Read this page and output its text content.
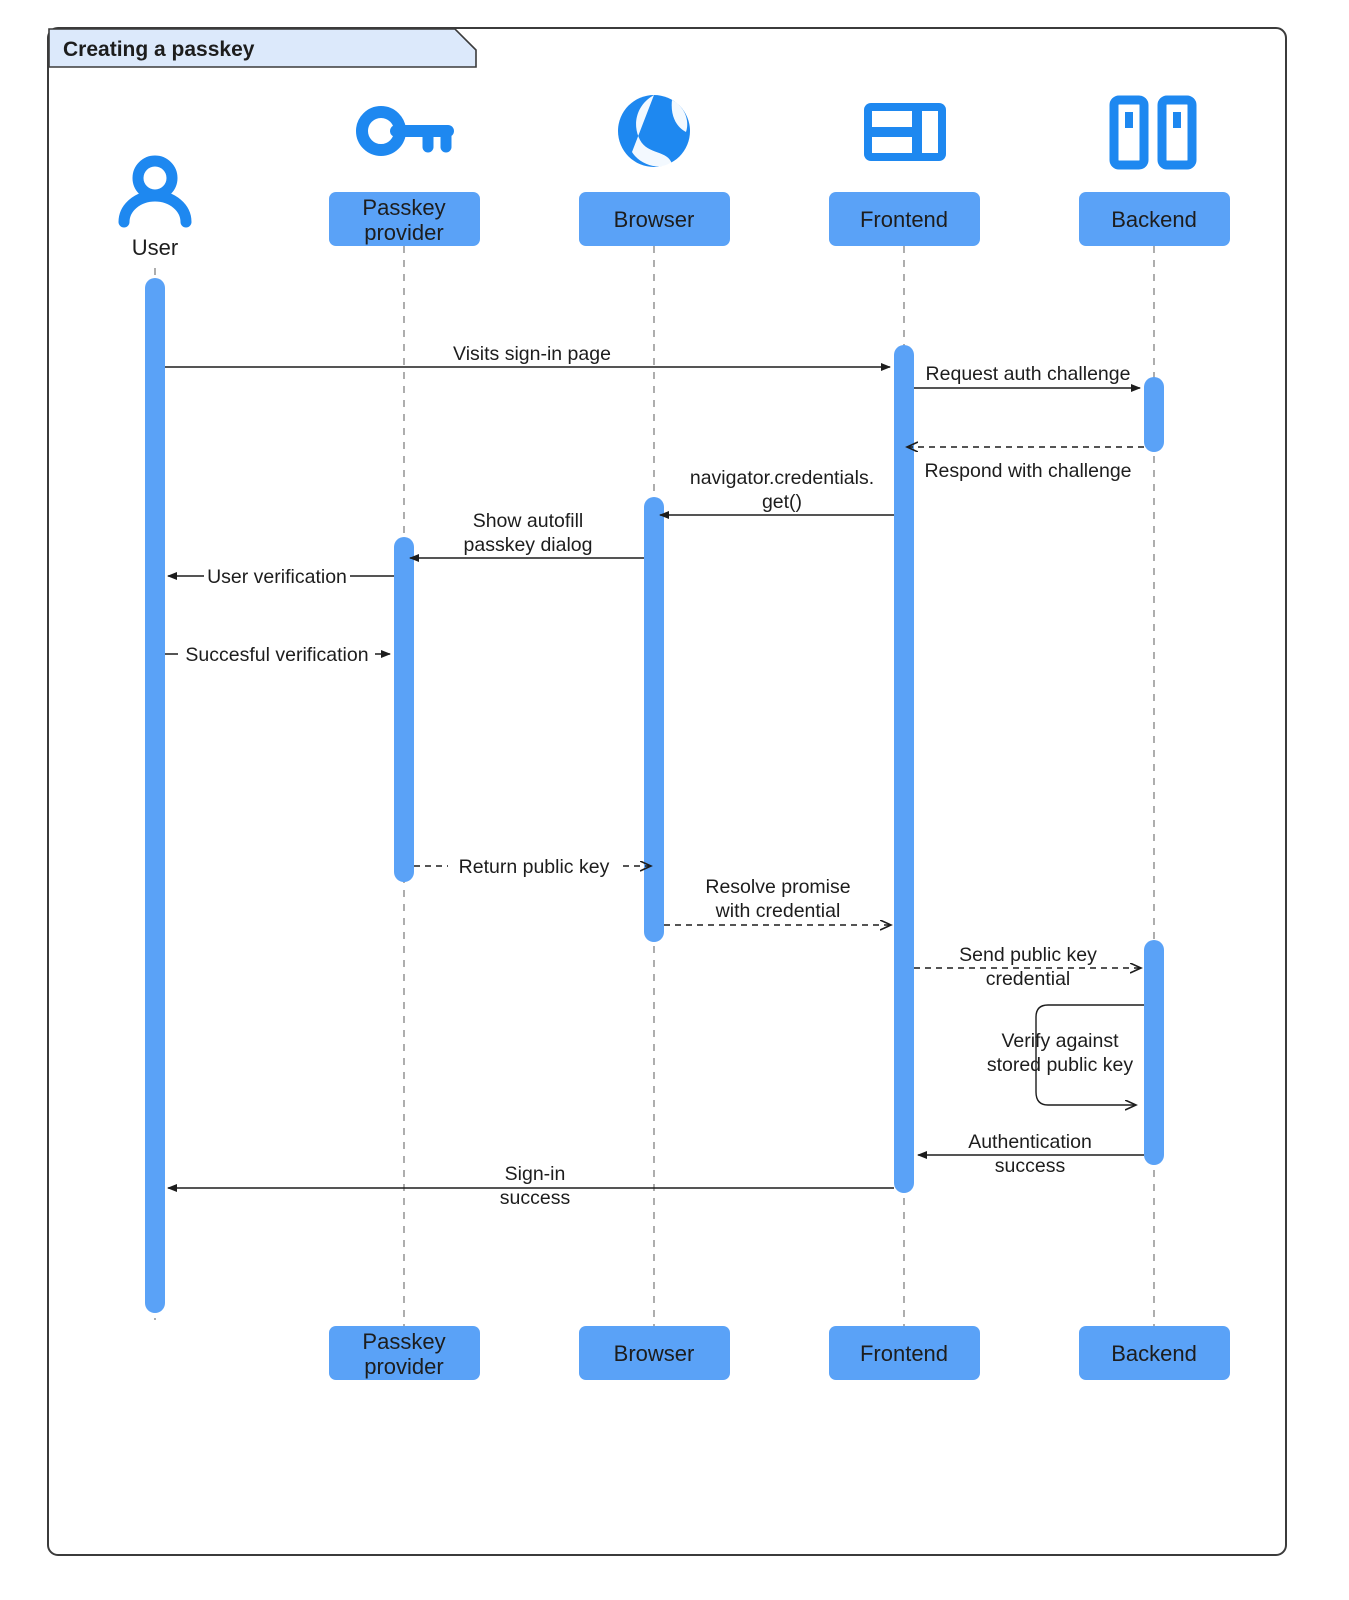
Creating a passkey
User
Passkey
provider
Browser	Frontend	Backend
Visits sign-in page
Request auth challenge
Respond with challenge
navigator.credentials.
get()
Show autofill
passkey dialog
User verification
Succesful verification
Return public key
Resolve promise
with credential
Send public key
credential
Verify against
stored public key
Authentication
success
Sign-in
success
Passkey
provider
Browser	Frontend	Backend
